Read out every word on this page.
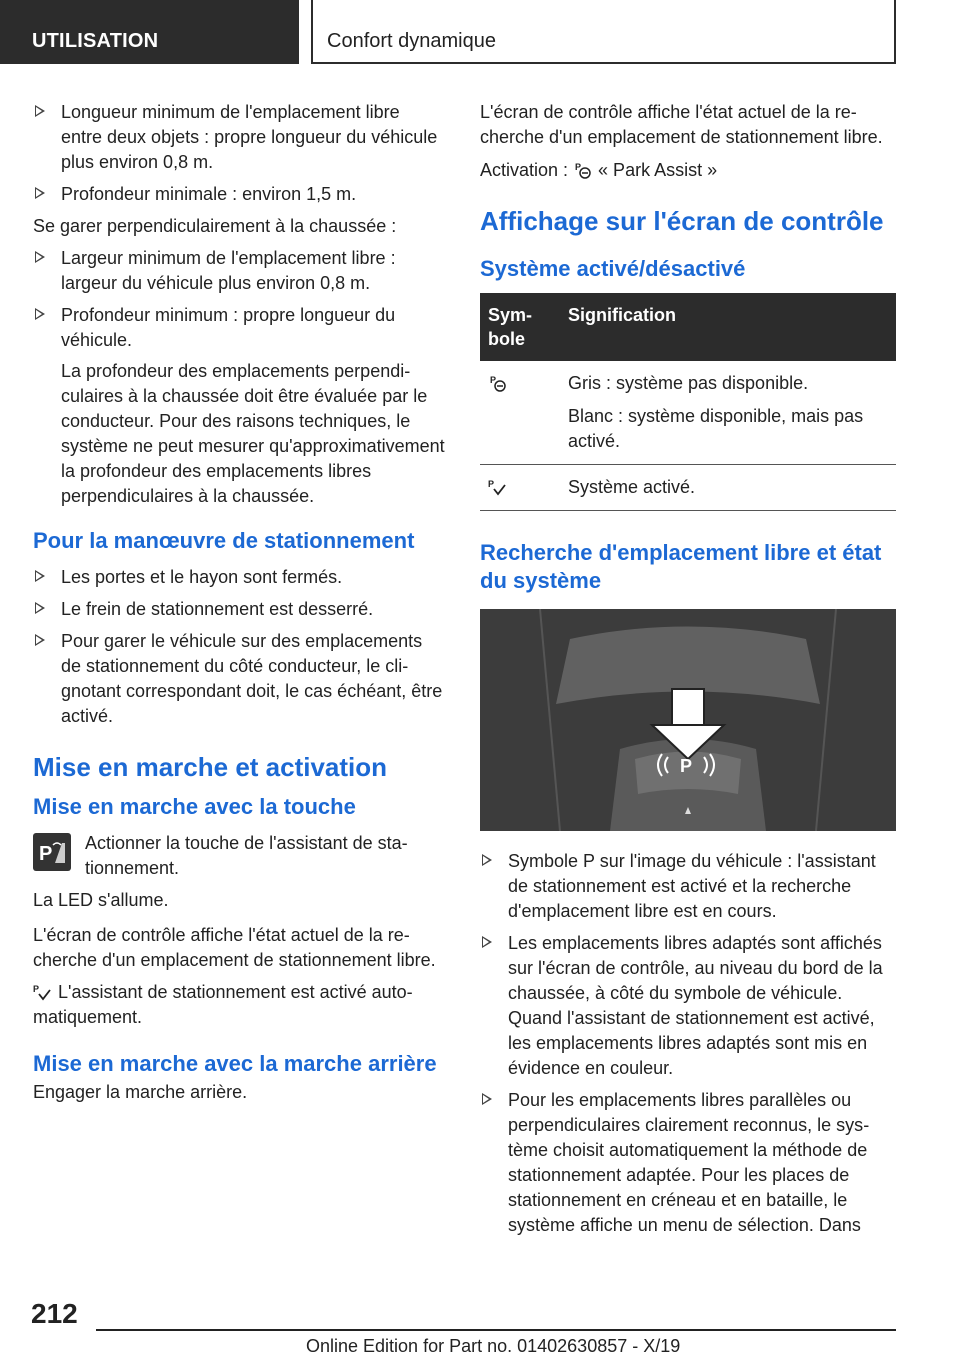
UTILISATION	Confort dynamique
Longueur minimum de l'emplacement libre entre deux objets : propre longueur du véhicule plus environ 0,8 m.
Profondeur minimale : environ 1,5 m.

Se garer perpendiculairement à la chaussée :

Largeur minimum de l'emplacement libre : largeur du véhicule plus environ 0,8 m.
Profondeur minimum : propre longueur du véhicule.
La profondeur des emplacements perpendiculaires à la chaussée doit être évaluée par le conducteur. Pour des raisons techniques, le système ne peut mesurer qu'approximativement la profondeur des emplacements libres perpendiculaires à la chaussée.
Pour la manœuvre de stationnement
Les portes et le hayon sont fermés.
Le frein de stationnement est desserré.
Pour garer le véhicule sur des emplacements de stationnement du côté conducteur, le clignotant correspondant doit, le cas échéant, être activé.
Mise en marche et activation
Mise en marche avec la touche
P Actionner la touche de l'assistant de stationnement.

La LED s'allume.

L'écran de contrôle affiche l'état actuel de la recherche d'un emplacement de stationnement libre.

P L'assistant de stationnement est activé automatiquement.

Mise en marche avec la marche arrière

Engager la marche arrière.

L'écran de contrôle affiche l'état actuel de la recherche d'un emplacement de stationnement libre.

Activation : P « Park Assist »

Affichage sur l'écran de contrôle
Système activé/désactivé
Symbole	Signification

P	Gris : système pas disponible.

Blanc : système disponible, mais pas activé.

P	Système activé.
Recherche d'emplacement libre et état du système
P
Symbole P sur l'image du véhicule : l'assistant de stationnement est activé et la recherche d'emplacement libre est en cours.
Les emplacements libres adaptés sont affichés sur l'écran de contrôle, au niveau du bord de la chaussée, à côté du symbole de véhicule. Quand l'assistant de stationnement est activé, les emplacements libres adaptés sont mis en évidence en couleur.
Pour les emplacements libres parallèles ou perpendiculaires clairement reconnus, le système choisit automatiquement la méthode de stationnement adaptée. Pour les places de stationnement en créneau et en bataille, le système affiche un menu de sélection. Dans
212
Online Edition for Part no. 01402630857 - X/19
